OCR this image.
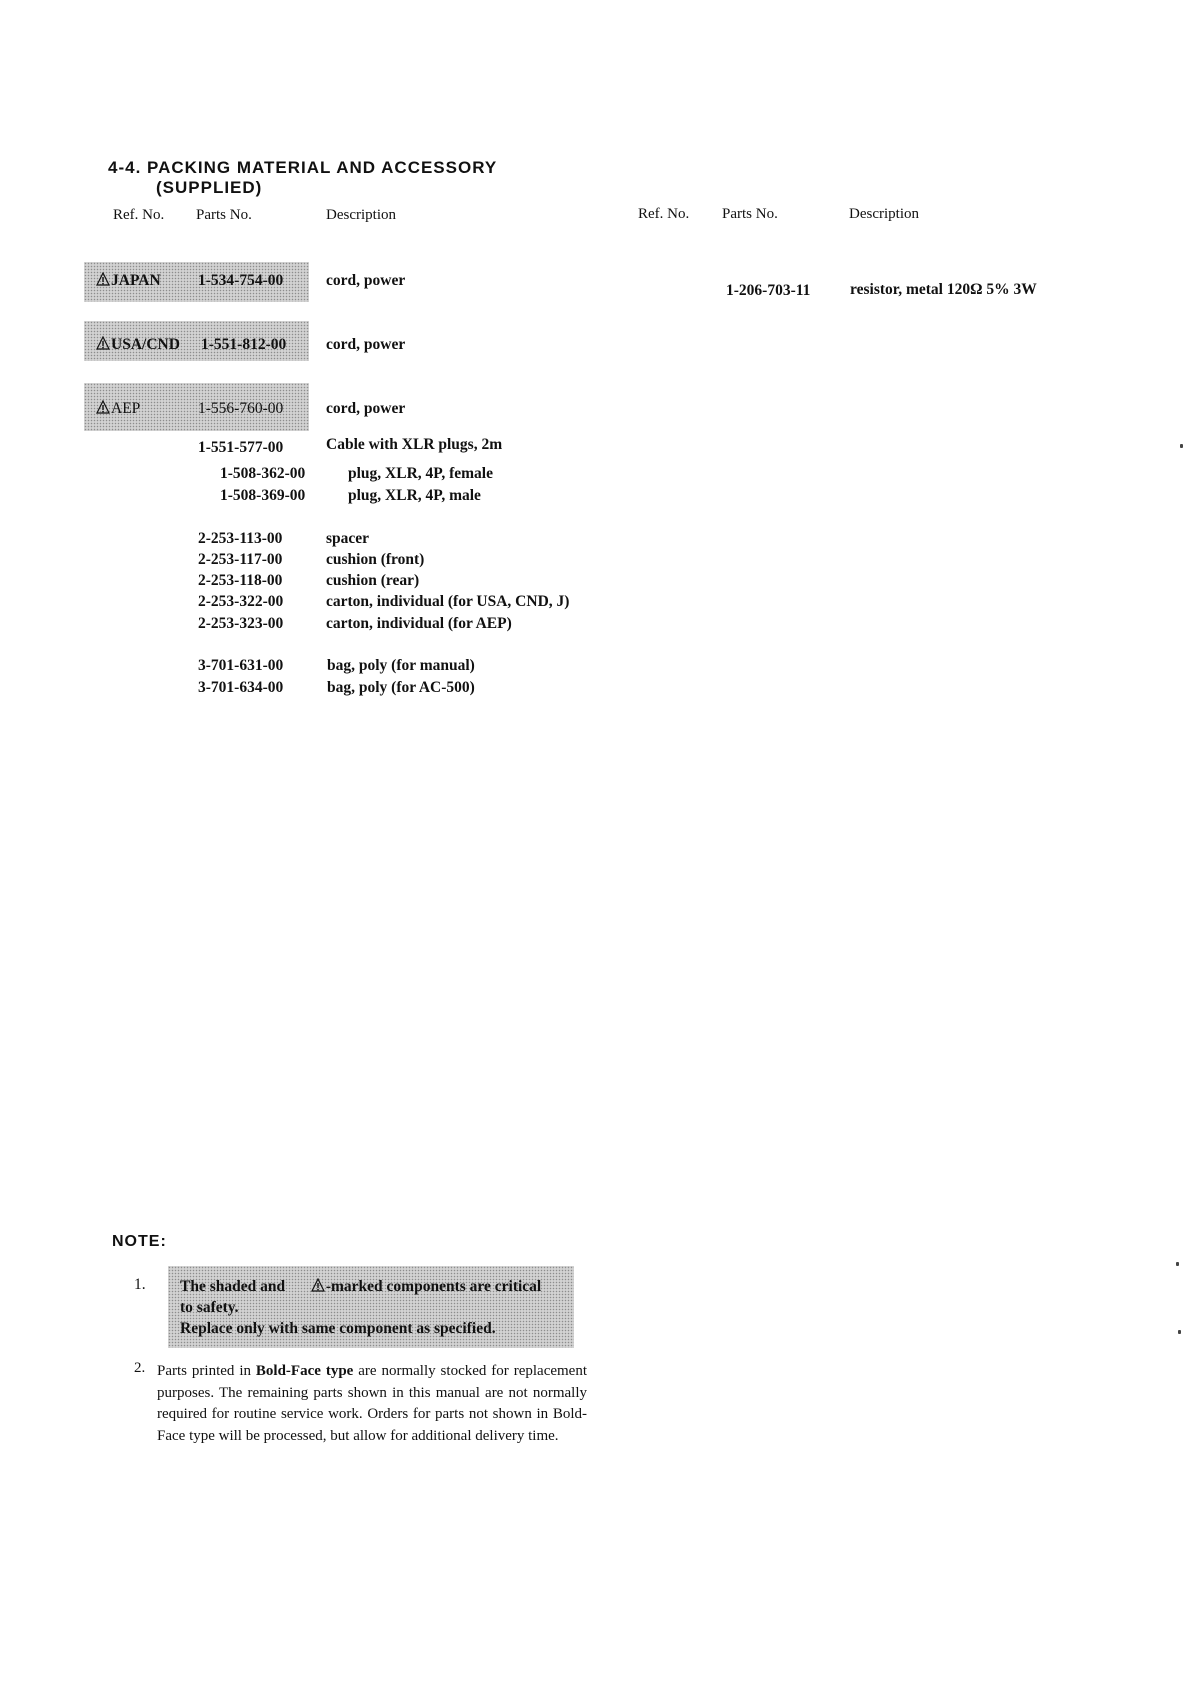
4-4. PACKING MATERIAL AND ACCESSORY
(SUPPLIED)
Ref. No. Parts No.	Description	Ref. No. Parts No.	Description
JAPAN 1-534-754-00	cord, power
USA/CND 1-551-812-00	cord, power
AEP	1-556-760-00	cord, power
1-551-577-00	Cable with XLR plugs, 2m
1-508-362-00	plug, XLR, 4P, female
1-508-369-00	plug, XLR, 4P, male
2-253-113-00	spacer
2-253-117-00	cushion (front)
2-253-118-00	cushion (rear)
2-253-322-00	carton, individual (for USA, CND, J)
2-253-323-00	carton, individual (for AEP)
3-701-631-00	bag, poly (for manual)
3-701-634-00	bag, poly (for AC-500)
1-206-703-11	resistor, metal 120Ω 5% 3W
NOTE:
1. The shaded and	-marked components are critical
to safety.
Replace only with same component as specified.
2. Parts printed in Bold-Face type are normally stocked for replacement purposes. The remaining parts shown in this manual are not normally required for routine service work. Orders for parts not shown in Bold-Face type will be processed, but allow for additional delivery time.
